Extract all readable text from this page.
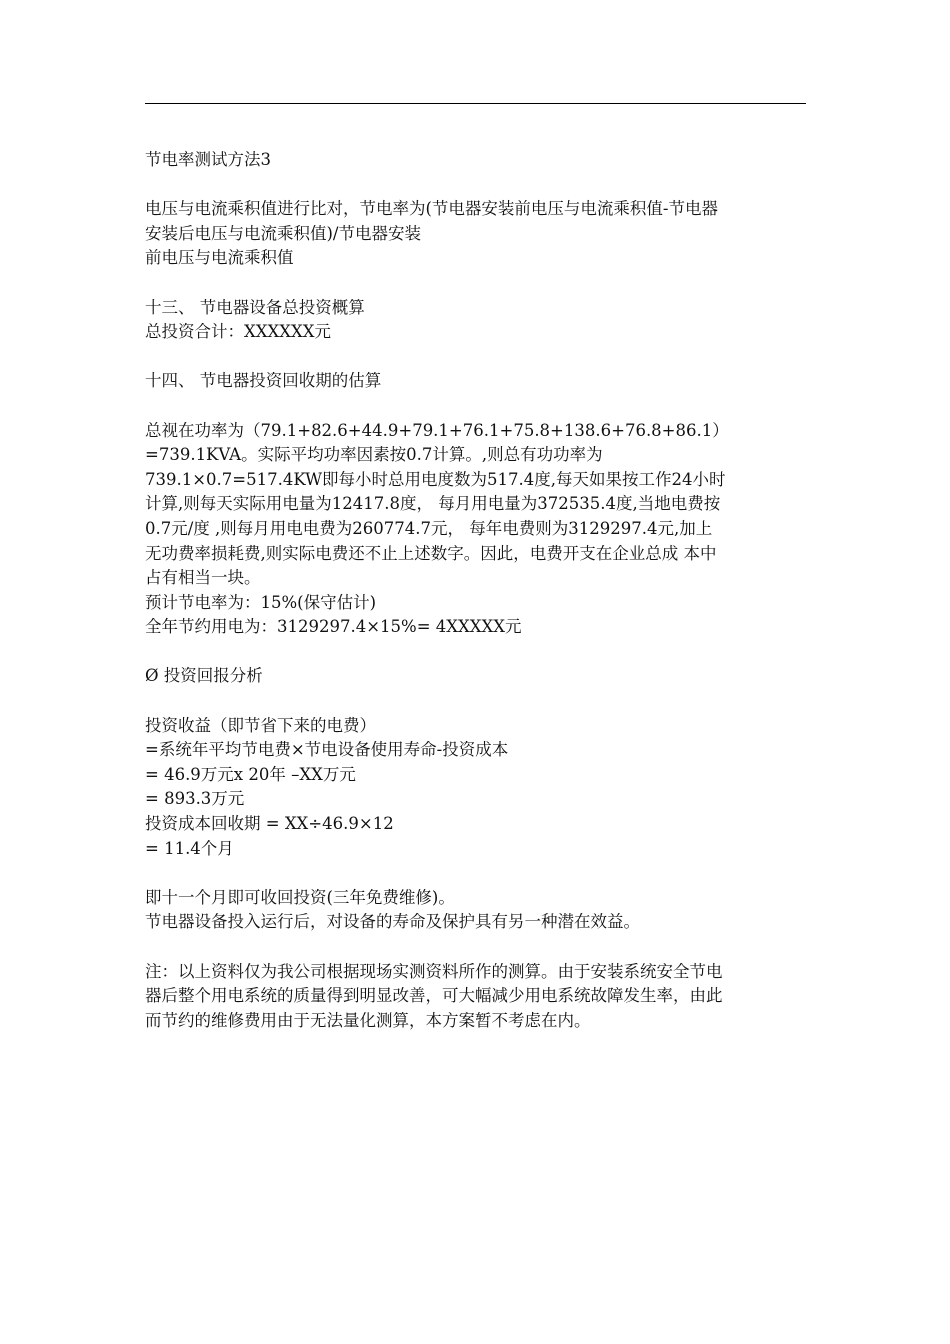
节电率测试方法3

电压与电流乘积值进行比对，节电率为(节电器安装前电压与电流乘积值-节电器

安装后电压与电流乘积值)/节电器安装

前电压与电流乘积值

十三、 节电器设备总投资概算

总投资合计：XXXXXX元

十四、 节电器投资回收期的估算

总视在功率为（79.1+82.6+44.9+79.1+76.1+75.8+138.6+76.8+86.1）

=739.1KVA。实际平均功率因素按0.7计算。,则总有功功率为

739.1×0.7=517.4KW即每小时总用电度数为517.4度,每天如果按工作24小时

计算,则每天实际用电量为12417.8度， 每月用电量为372535.4度,当地电费按

0.7元/度 ,则每月用电电费为260774.7元， 每年电费则为3129297.4元,加上

无功费率损耗费,则实际电费还不止上述数字。因此，电费开支在企业总成 本中

占有相当一块。

预计节电率为：15%(保守估计)

全年节约用电为：3129297.4×15%= 4XXXXX元

Ø 投资回报分析

投资收益（即节省下来的电费）

=系统年平均节电费×节电设备使用寿命-投资成本

= 46.9万元x 20年 –XX万元

= 893.3万元

投资成本回收期 = XX÷46.9×12

= 11.4个月

即十一个月即可收回投资(三年免费维修)。

节电器设备投入运行后，对设备的寿命及保护具有另一种潜在效益。

注：以上资料仅为我公司根据现场实测资料所作的测算。由于安装系统安全节电

器后整个用电系统的质量得到明显改善，可大幅减少用电系统故障发生率，由此

而节约的维修费用由于无法量化测算，本方案暂不考虑在内。
